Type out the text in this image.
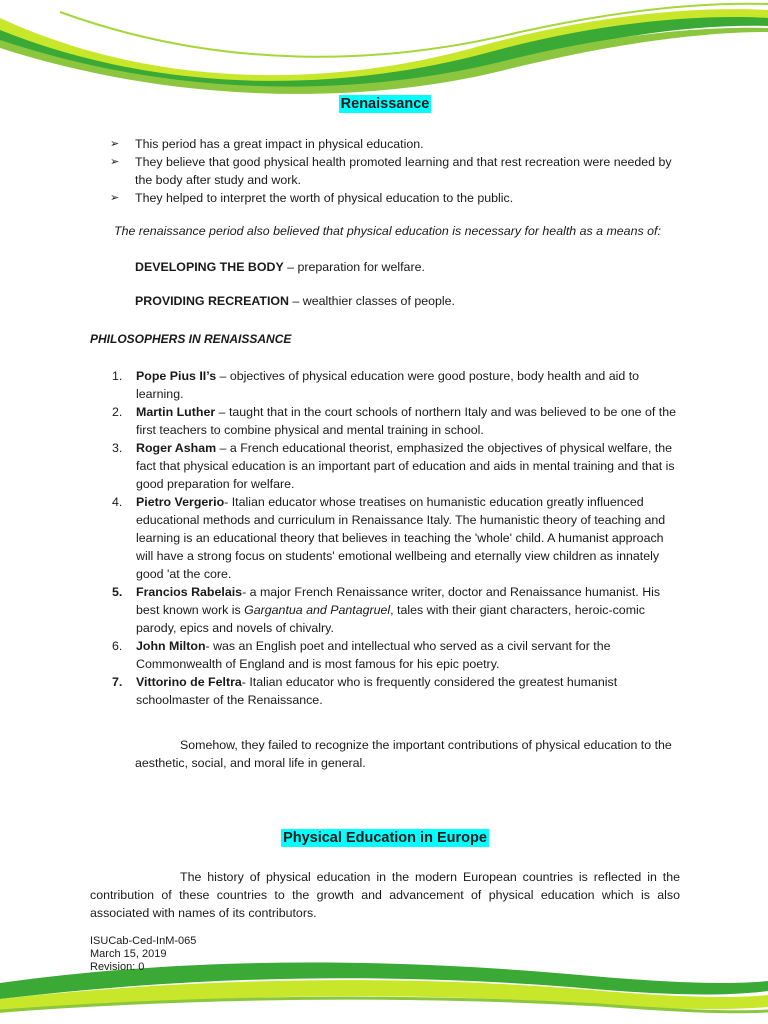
Renaissance
➢ This period has a great impact in physical education.
➢ They believe that good physical health promoted learning and that rest recreation were needed by the body after study and work.
➢ They helped to interpret the worth of physical education to the public.
The renaissance period also believed that physical education is necessary for health as a means of:
DEVELOPING THE BODY – preparation for welfare.
PROVIDING RECREATION – wealthier classes of people.
PHILOSOPHERS IN RENAISSANCE
1. Pope Pius II’s – objectives of physical education were good posture, body health and aid to learning.
2. Martin Luther – taught that in the court schools of northern Italy and was believed to be one of the first teachers to combine physical and mental training in school.
3. Roger Asham – a French educational theorist, emphasized the objectives of physical welfare, the fact that physical education is an important part of education and aids in mental training and that is good preparation for welfare.
4. Pietro Vergerio- Italian educator whose treatises on humanistic education greatly influenced educational methods and curriculum in Renaissance Italy. The humanistic theory of teaching and learning is an educational theory that believes in teaching the 'whole' child. A humanist approach will have a strong focus on students' emotional wellbeing and eternally view children as innately good 'at the core.
5. Francios Rabelais- a major French Renaissance writer, doctor and Renaissance humanist. His best known work is Gargantua and Pantagruel, tales with their giant characters, heroic-comic parody, epics and novels of chivalry.
6. John Milton- was an English poet and intellectual who served as a civil servant for the Commonwealth of England and is most famous for his epic poetry.
7. Vittorino de Feltra- Italian educator who is frequently considered the greatest humanist schoolmaster of the Renaissance.
Somehow, they failed to recognize the important contributions of physical education to the aesthetic, social, and moral life in general.
Physical Education in Europe
The history of physical education in the modern European countries is reflected in the contribution of these countries to the growth and advancement of physical education which is also associated with names of its contributors.
ISUCab-Ced-InM-065
March 15, 2019
Revision: 0
